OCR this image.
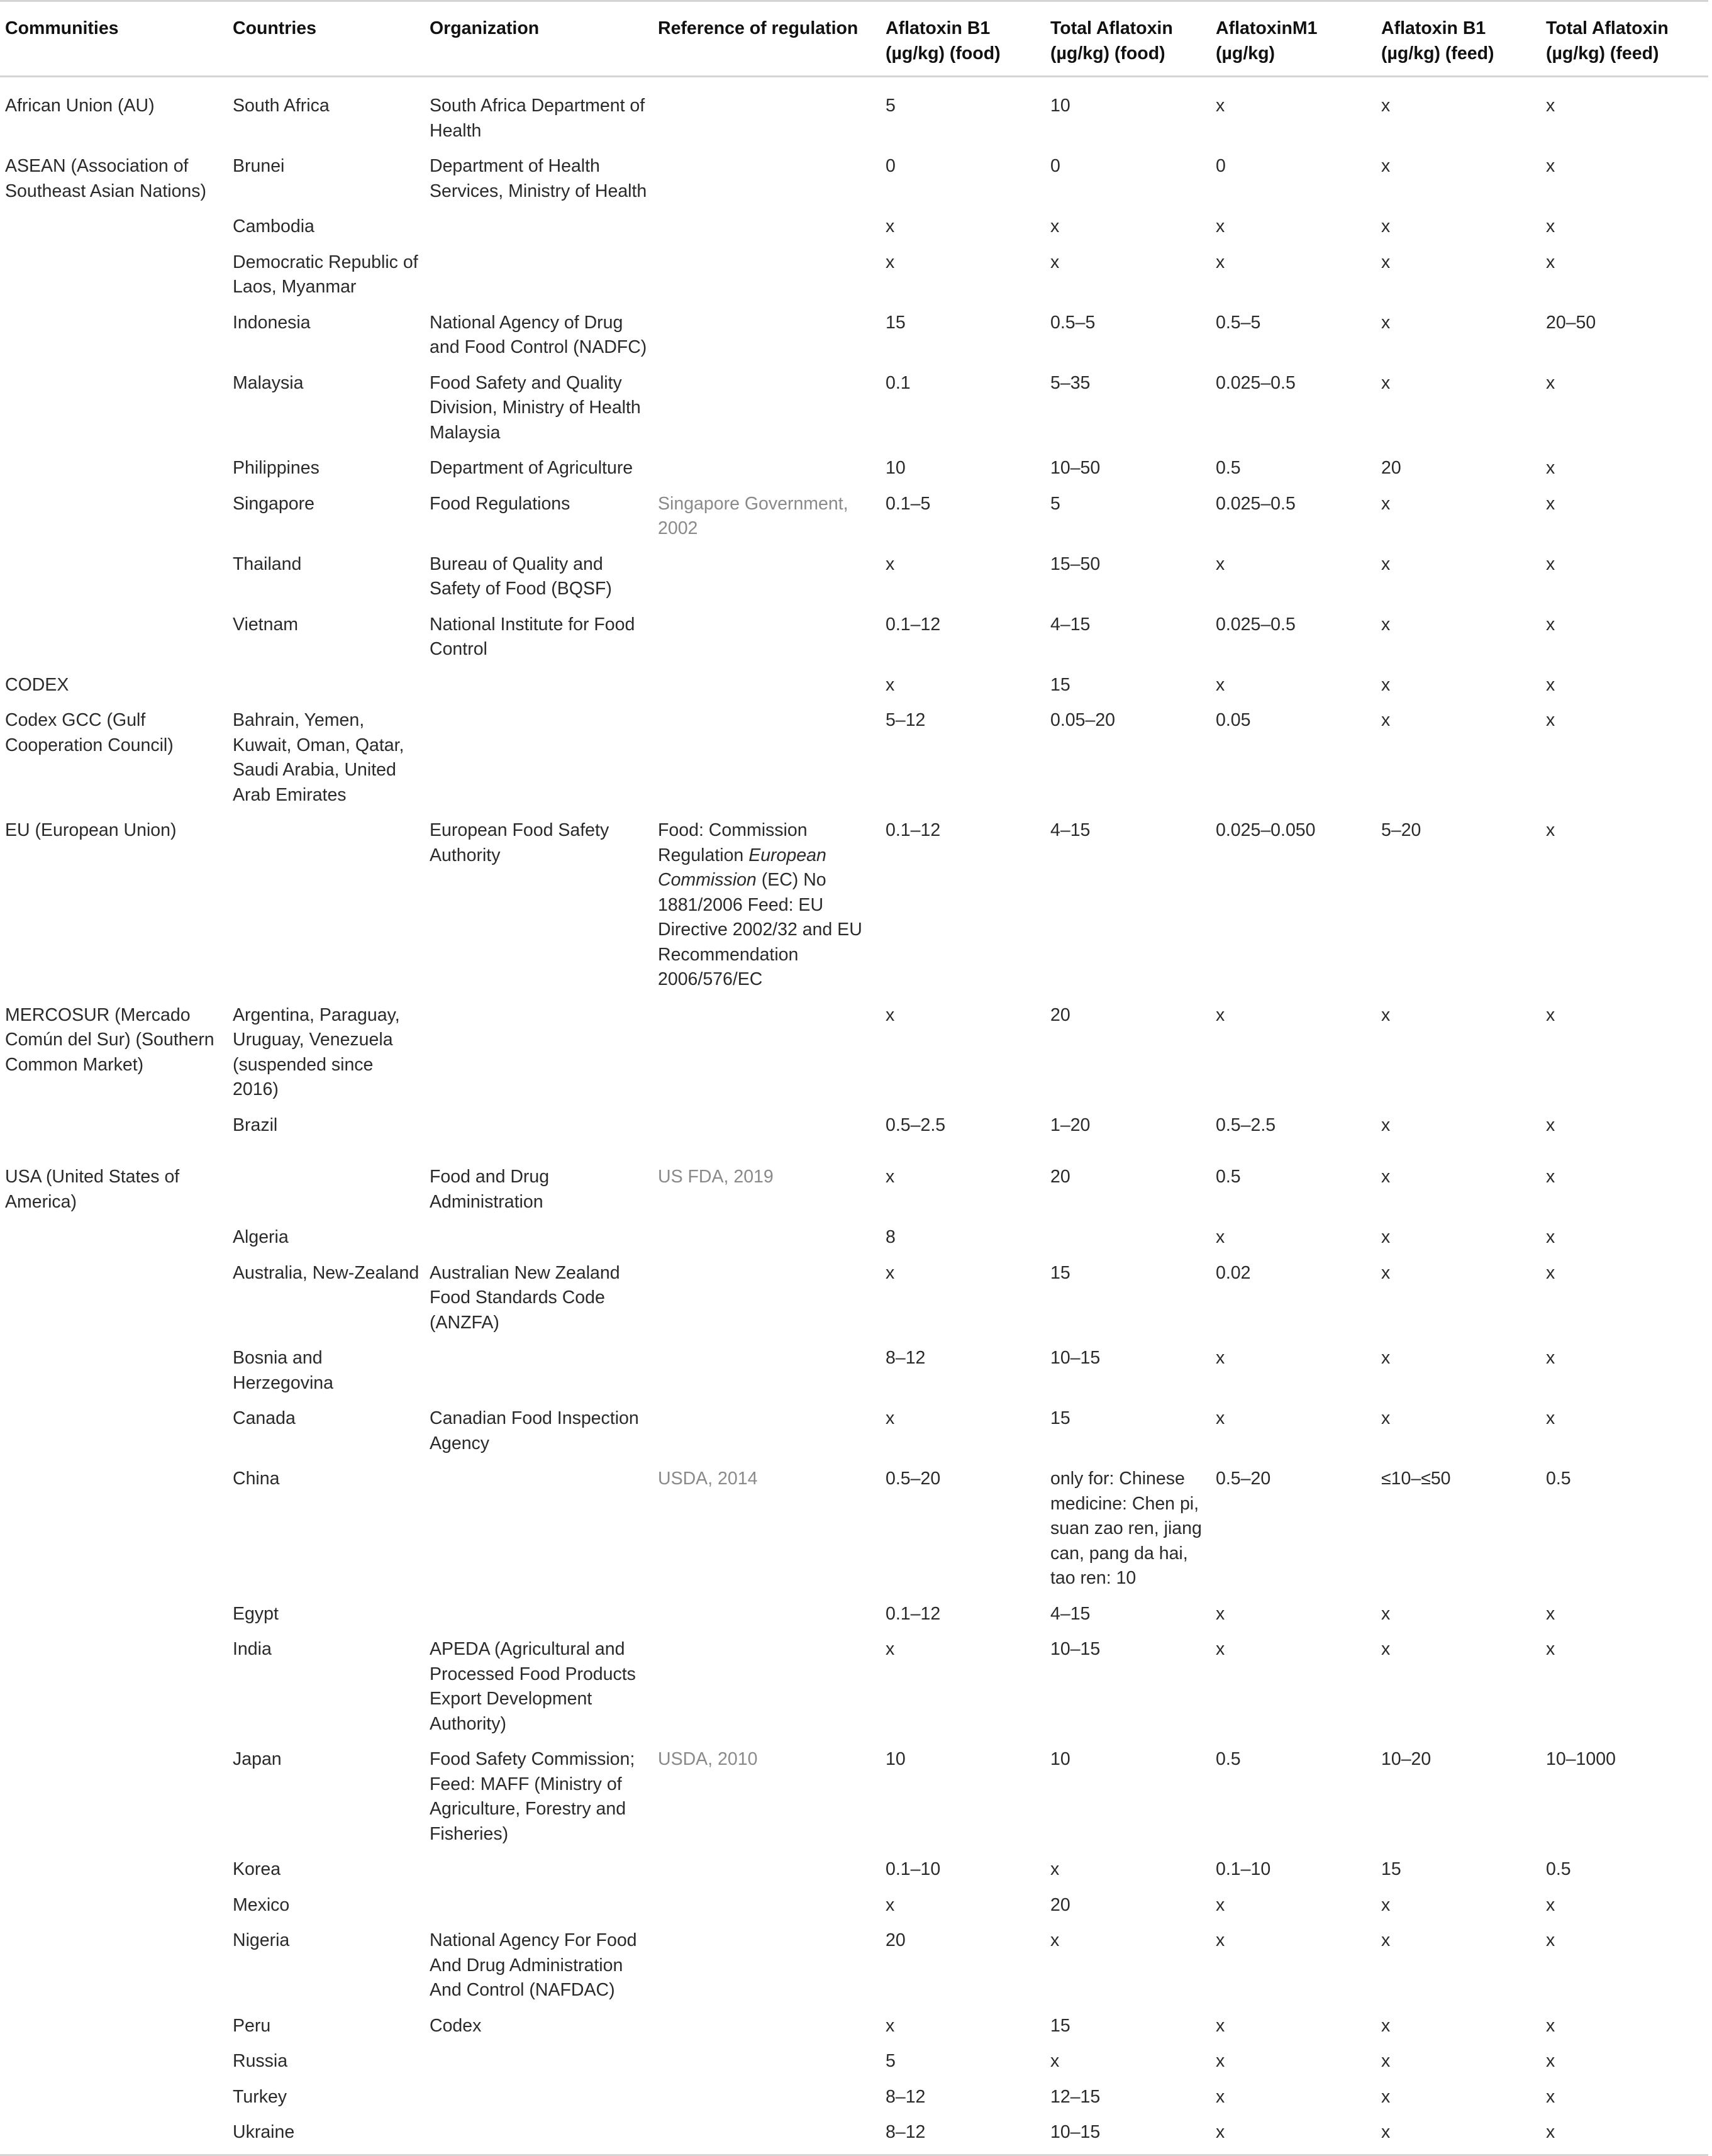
Communities	Countries	Organization	Reference of regulation	Aflatoxin B1 (µg/kg) (food)	Total Aflatoxin (µg/kg) (food)	AflatoxinM1 (µg/kg)	Aflatoxin B1 (µg/kg) (feed)	Total Aflatoxin (µg/kg) (feed)
African Union (AU)	South Africa	South Africa Department of Health		5	10	x	x	x
ASEAN (Association of Southeast Asian Nations)	Brunei	Department of Health Services, Ministry of Health		0	0	0	x	x
	Cambodia			x	x	x	x	x
	Democratic Republic of Laos, Myanmar			x	x	x	x	x
	Indonesia	National Agency of Drug and Food Control (NADFC)		15	0.5–5	0.5–5	x	20–50
	Malaysia	Food Safety and Quality Division, Ministry of Health Malaysia		0.1	5–35	0.025–0.5	x	x
	Philippines	Department of Agriculture		10	10–50	0.5	20	x
	Singapore	Food Regulations	Singapore Government, 2002	0.1–5	5	0.025–0.5	x	x
	Thailand	Bureau of Quality and Safety of Food (BQSF)		x	15–50	x	x	x
	Vietnam	National Institute for Food Control		0.1–12	4–15	0.025–0.5	x	x
CODEX				x	15	x	x	x
Codex GCC (Gulf Cooperation Council)	Bahrain, Yemen, Kuwait, Oman, Qatar, Saudi Arabia, United Arab Emirates			5–12	0.05–20	0.05	x	x
EU (European Union)		European Food Safety Authority	Food: Commission Regulation European Commission (EC) No 1881/2006 Feed: EU Directive 2002/32 and EU Recommendation 2006/576/EC	0.1–12	4–15	0.025–0.050	5–20	x
MERCOSUR (Mercado Común del Sur) (Southern Common Market)	Argentina, Paraguay, Uruguay, Venezuela (suspended since 2016)			x	20	x	x	x
	Brazil			0.5–2.5	1–20	0.5–2.5	x	x
USA (United States of America)		Food and Drug Administration	US FDA, 2019	x	20	0.5	x	x
	Algeria			8		x	x	x
	Australia, New-Zealand	Australian New Zealand Food Standards Code (ANZFA)		x	15	0.02	x	x
	Bosnia and Herzegovina			8–12	10–15	x	x	x
	Canada	Canadian Food Inspection Agency		x	15	x	x	x
	China		USDA, 2014	0.5–20	only for: Chinese medicine: Chen pi, suan zao ren, jiang can, pang da hai, tao ren: 10	0.5–20	≤10–≤50	0.5
	Egypt			0.1–12	4–15	x	x	x
	India	APEDA (Agricultural and Processed Food Products Export Development Authority)		x	10–15	x	x	x
	Japan	Food Safety Commission; Feed: MAFF (Ministry of Agriculture, Forestry and Fisheries)	USDA, 2010	10	10	0.5	10–20	10–1000
	Korea			0.1–10	x	0.1–10	15	0.5
	Mexico			x	20	x	x	x
	Nigeria	National Agency For Food And Drug Administration And Control (NAFDAC)		20	x	x	x	x
	Peru	Codex		x	15	x	x	x
	Russia			5	x	x	x	x
	Turkey			8–12	12–15	x	x	x
	Ukraine			8–12	10–15	x	x	x
